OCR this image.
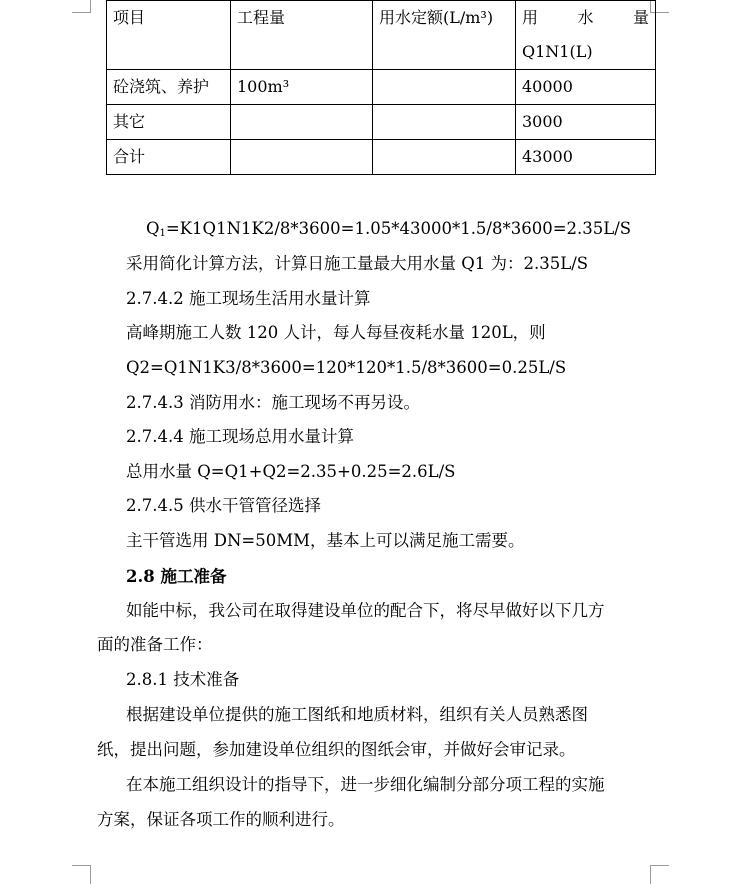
项目	工程量	用水定额(L/m³)	用 水 量
Q1N1(L)

砼浇筑、养护	100m³		40000
其它			3000
合计			43000
$Q_1=K1Q1N1K2/8*3600=1.05*43000*1.5/8*3600=2.35L/S$
采用简化计算方法，计算日施工量最大用水量 Q1 为：2.35L/S
2.7.4.2 施工现场生活用水量计算
高峰期施工人数 120 人计，每人每昼夜耗水量 120L，则
Q2=Q1N1K3/8*3600=120*120*1.5/8*3600=0.25L/S
2.7.4.3 消防用水：施工现场不再另设。
2.7.4.4 施工现场总用水量计算
总用水量 Q=Q1+Q2=2.35+0.25=2.6L/S
2.7.4.5 供水干管管径选择
主干管选用 DN=50MM，基本上可以满足施工需要。
2.8 施工准备
如能中标，我公司在取得建设单位的配合下，将尽早做好以下几方
面的准备工作：
2.8.1 技术准备
根据建设单位提供的施工图纸和地质材料，组织有关人员熟悉图
纸，提出问题，参加建设单位组织的图纸会审，并做好会审记录。
在本施工组织设计的指导下，进一步细化编制分部分项工程的实施
方案，保证各项工作的顺利进行。
